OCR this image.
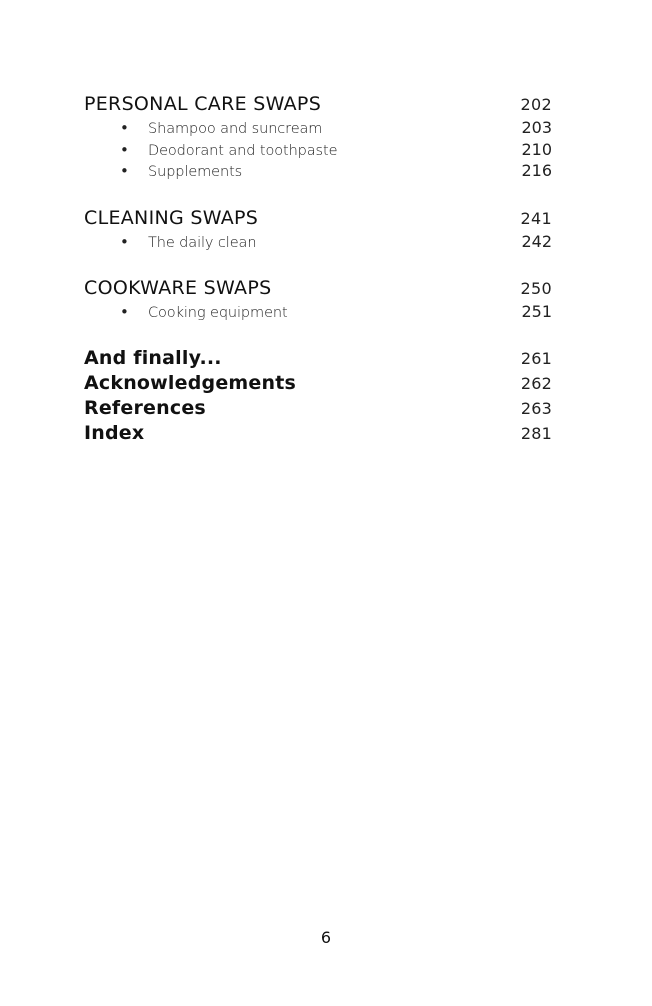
PERSONAL CARE SWAPS	202
•	Shampoo and suncream	203
•	Deodorant and toothpaste	210
•	Supplements	216
CLEANING SWAPS	241
•	The daily clean	242
COOKWARE SWAPS	250
•	Cooking equipment	251
And finally...	261
Acknowledgements	262
References	263
Index	281
6
